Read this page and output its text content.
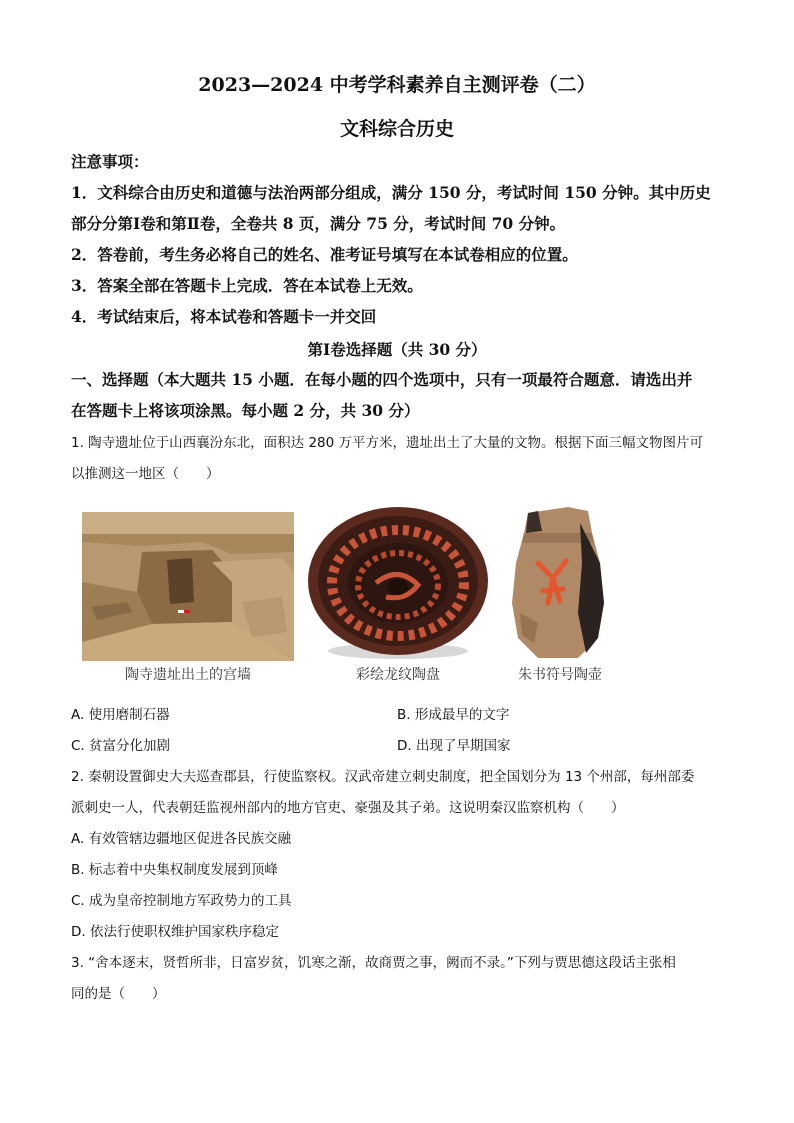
2023—2024 中考学科素养自主测评卷（二）
文科综合历史
注意事项：
1．文科综合由历史和道德与法治两部分组成，满分 150 分，考试时间 150 分钟。其中历史
部分分第Ⅰ卷和第Ⅱ卷，全卷共 8 页，满分 75 分，考试时间 70 分钟。
2．答卷前，考生务必将自己的姓名、准考证号填写在本试卷相应的位置。
3．答案全部在答题卡上完成．答在本试卷上无效。
4．考试结束后，将本试卷和答题卡一并交回
第Ⅰ卷选择题（共 30 分）
一、选择题（本大题共 15 小题．在每小题的四个选项中，只有一项最符合题意．请选出并
在答题卡上将该项涂黑。每小题 2 分，共 30 分）
1. 陶寺遗址位于山西襄汾东北，面积达 280 万平方米，遗址出土了大量的文物。根据下面三幅文物图片可
以推测这一地区（　　）
陶寺遗址出土的宫墙	彩绘龙纹陶盘	朱书符号陶壶
A. 使用磨制石器	B. 形成最早的文字
C. 贫富分化加剧	D. 出现了早期国家
2. 秦朝设置御史大夫巡查郡县，行使监察权。汉武帝建立刺史制度，把全国划分为 13 个州部，每州部委
派刺史一人，代表朝廷监视州部内的地方官吏、豪强及其子弟。这说明秦汉监察机构（　　）
A. 有效管辖边疆地区促进各民族交融
B. 标志着中央集权制度发展到顶峰
C. 成为皇帝控制地方军政势力的工具
D. 依法行使职权维护国家秩序稳定
3. “舍本逐末，贤哲所非，日富岁贫，饥寒之渐，故商贾之事，阙而不录。”下列与贾思德这段话主张相
同的是（　　）
